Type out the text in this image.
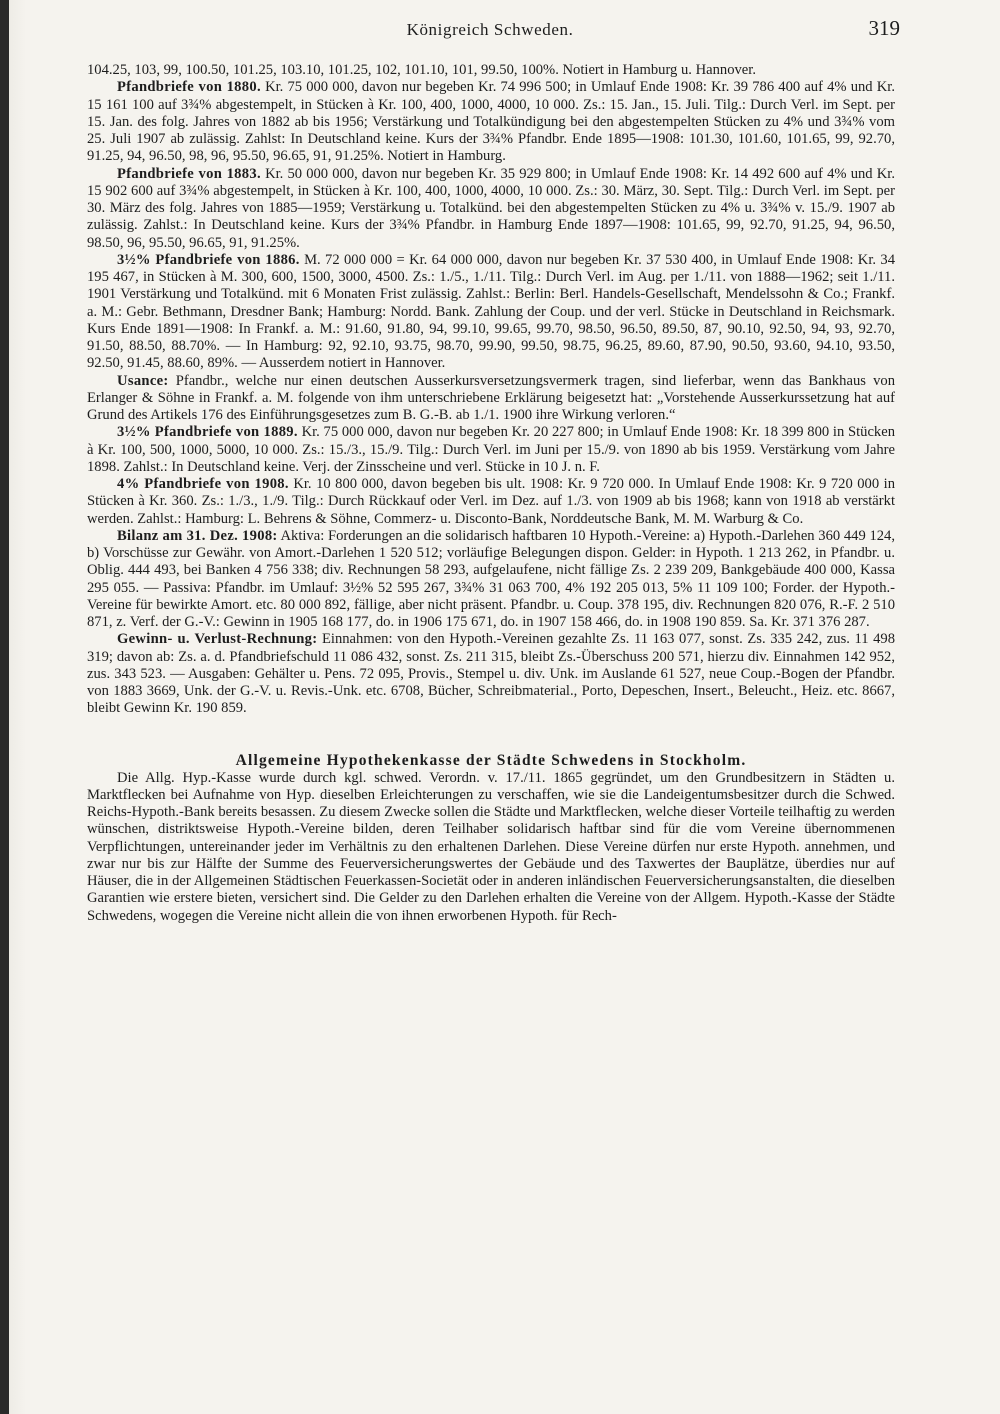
Königreich Schweden.	319

104.25, 103, 99, 100.50, 101.25, 103.10, 101.25, 102, 101.10, 101, 99.50, 100%. Notiert in Hamburg u. Hannover.

Pfandbriefe von 1880. Kr. 75 000 000, davon nur begeben Kr. 74 996 500; in Umlauf Ende 1908: Kr. 39 786 400 auf 4% und Kr. 15 161 100 auf 3¾% abgestempelt, in Stücken à Kr. 100, 400, 1000, 4000, 10 000. Zs.: 15. Jan., 15. Juli. Tilg.: Durch Verl. im Sept. per 15. Jan. des folg. Jahres von 1882 ab bis 1956; Verstärkung und Totalkündigung bei den abgestempelten Stücken zu 4% und 3¾% vom 25. Juli 1907 ab zulässig. Zahlst: In Deutschland keine. Kurs der 3¾% Pfandbr. Ende 1895—1908: 101.30, 101.60, 101.65, 99, 92.70, 91.25, 94, 96.50, 98, 96, 95.50, 96.65, 91, 91.25%. Notiert in Hamburg.

Pfandbriefe von 1883. Kr. 50 000 000, davon nur begeben Kr. 35 929 800; in Umlauf Ende 1908: Kr. 14 492 600 auf 4% und Kr. 15 902 600 auf 3¾% abgestempelt, in Stücken à Kr. 100, 400, 1000, 4000, 10 000. Zs.: 30. März, 30. Sept. Tilg.: Durch Verl. im Sept. per 30. März des folg. Jahres von 1885—1959; Verstärkung u. Totalkünd. bei den abgestempelten Stücken zu 4% u. 3¾% v. 15./9. 1907 ab zulässig. Zahlst.: In Deutschland keine. Kurs der 3¾% Pfandbr. in Hamburg Ende 1897—1908: 101.65, 99, 92.70, 91.25, 94, 96.50, 98.50, 96, 95.50, 96.65, 91, 91.25%.

3½% Pfandbriefe von 1886. M. 72 000 000 = Kr. 64 000 000, davon nur begeben Kr. 37 530 400, in Umlauf Ende 1908: Kr. 34 195 467, in Stücken à M. 300, 600, 1500, 3000, 4500. Zs.: 1./5., 1./11. Tilg.: Durch Verl. im Aug. per 1./11. von 1888—1962; seit 1./11. 1901 Verstärkung und Totalkünd. mit 6 Monaten Frist zulässig. Zahlst.: Berlin: Berl. Handels-Gesellschaft, Mendelssohn & Co.; Frankf. a. M.: Gebr. Bethmann, Dresdner Bank; Hamburg: Nordd. Bank. Zahlung der Coup. und der verl. Stücke in Deutschland in Reichsmark. Kurs Ende 1891—1908: In Frankf. a. M.: 91.60, 91.80, 94, 99.10, 99.65, 99.70, 98.50, 96.50, 89.50, 87, 90.10, 92.50, 94, 93, 92.70, 91.50, 88.50, 88.70%. — In Hamburg: 92, 92.10, 93.75, 98.70, 99.90, 99.50, 98.75, 96.25, 89.60, 87.90, 90.50, 93.60, 94.10, 93.50, 92.50, 91.45, 88.60, 89%. — Ausserdem notiert in Hannover.

Usance: Pfandbr., welche nur einen deutschen Ausserkursversetzungsvermerk tragen, sind lieferbar, wenn das Bankhaus von Erlanger & Söhne in Frankf. a. M. folgende von ihm unterschriebene Erklärung beigesetzt hat: „Vorstehende Ausserkurssetzung hat auf Grund des Artikels 176 des Einführungsgesetzes zum B. G.-B. ab 1./1. 1900 ihre Wirkung verloren.“

3½% Pfandbriefe von 1889. Kr. 75 000 000, davon nur begeben Kr. 20 227 800; in Umlauf Ende 1908: Kr. 18 399 800 in Stücken à Kr. 100, 500, 1000, 5000, 10 000. Zs.: 15./3., 15./9. Tilg.: Durch Verl. im Juni per 15./9. von 1890 ab bis 1959. Verstärkung vom Jahre 1898. Zahlst.: In Deutschland keine. Verj. der Zinsscheine und verl. Stücke in 10 J. n. F.

4% Pfandbriefe von 1908. Kr. 10 800 000, davon begeben bis ult. 1908: Kr. 9 720 000. In Umlauf Ende 1908: Kr. 9 720 000 in Stücken à Kr. 360. Zs.: 1./3., 1./9. Tilg.: Durch Rückkauf oder Verl. im Dez. auf 1./3. von 1909 ab bis 1968; kann von 1918 ab verstärkt werden. Zahlst.: Hamburg: L. Behrens & Söhne, Commerz- u. Disconto-Bank, Norddeutsche Bank, M. M. Warburg & Co.

Bilanz am 31. Dez. 1908: Aktiva: Forderungen an die solidarisch haftbaren 10 Hypoth.-Vereine: a) Hypoth.-Darlehen 360 449 124, b) Vorschüsse zur Gewähr. von Amort.-Darlehen 1 520 512; vorläufige Belegungen dispon. Gelder: in Hypoth. 1 213 262, in Pfandbr. u. Oblig. 444 493, bei Banken 4 756 338; div. Rechnungen 58 293, aufgelaufene, nicht fällige Zs. 2 239 209, Bankgebäude 400 000, Kassa 295 055. — Passiva: Pfandbr. im Umlauf: 3½% 52 595 267, 3¾% 31 063 700, 4% 192 205 013, 5% 11 109 100; Forder. der Hypoth.-Vereine für bewirkte Amort. etc. 80 000 892, fällige, aber nicht präsent. Pfandbr. u. Coup. 378 195, div. Rechnungen 820 076, R.-F. 2 510 871, z. Verf. der G.-V.: Gewinn in 1905 168 177, do. in 1906 175 671, do. in 1907 158 466, do. in 1908 190 859. Sa. Kr. 371 376 287.

Gewinn- u. Verlust-Rechnung: Einnahmen: von den Hypoth.-Vereinen gezahlte Zs. 11 163 077, sonst. Zs. 335 242, zus. 11 498 319; davon ab: Zs. a. d. Pfandbriefschuld 11 086 432, sonst. Zs. 211 315, bleibt Zs.-Überschuss 200 571, hierzu div. Einnahmen 142 952, zus. 343 523. — Ausgaben: Gehälter u. Pens. 72 095, Provis., Stempel u. div. Unk. im Auslande 61 527, neue Coup.-Bogen der Pfandbr. von 1883 3669, Unk. der G.-V. u. Revis.-Unk. etc. 6708, Bücher, Schreibmaterial., Porto, Depeschen, Insert., Beleucht., Heiz. etc. 8667, bleibt Gewinn Kr. 190 859.

Allgemeine Hypothekenkasse der Städte Schwedens in Stockholm.

Die Allg. Hyp.-Kasse wurde durch kgl. schwed. Verordn. v. 17./11. 1865 gegründet, um den Grundbesitzern in Städten u. Marktflecken bei Aufnahme von Hyp. dieselben Erleichterungen zu verschaffen, wie sie die Landeigentumsbesitzer durch die Schwed. Reichs-Hypoth.-Bank bereits besassen. Zu diesem Zwecke sollen die Städte und Marktflecken, welche dieser Vorteile teilhaftig zu werden wünschen, distriktsweise Hypoth.-Vereine bilden, deren Teilhaber solidarisch haftbar sind für die vom Vereine übernommenen Verpflichtungen, untereinander jeder im Verhältnis zu den erhaltenen Darlehen. Diese Vereine dürfen nur erste Hypoth. annehmen, und zwar nur bis zur Hälfte der Summe des Feuerversicherungswertes der Gebäude und des Taxwertes der Bauplätze, überdies nur auf Häuser, die in der Allgemeinen Städtischen Feuerkassen-Societät oder in anderen inländischen Feuerversicherungsanstalten, die dieselben Garantien wie erstere bieten, versichert sind. Die Gelder zu den Darlehen erhalten die Vereine von der Allgem. Hypoth.-Kasse der Städte Schwedens, wogegen die Vereine nicht allein die von ihnen erworbenen Hypoth. für Rech-
